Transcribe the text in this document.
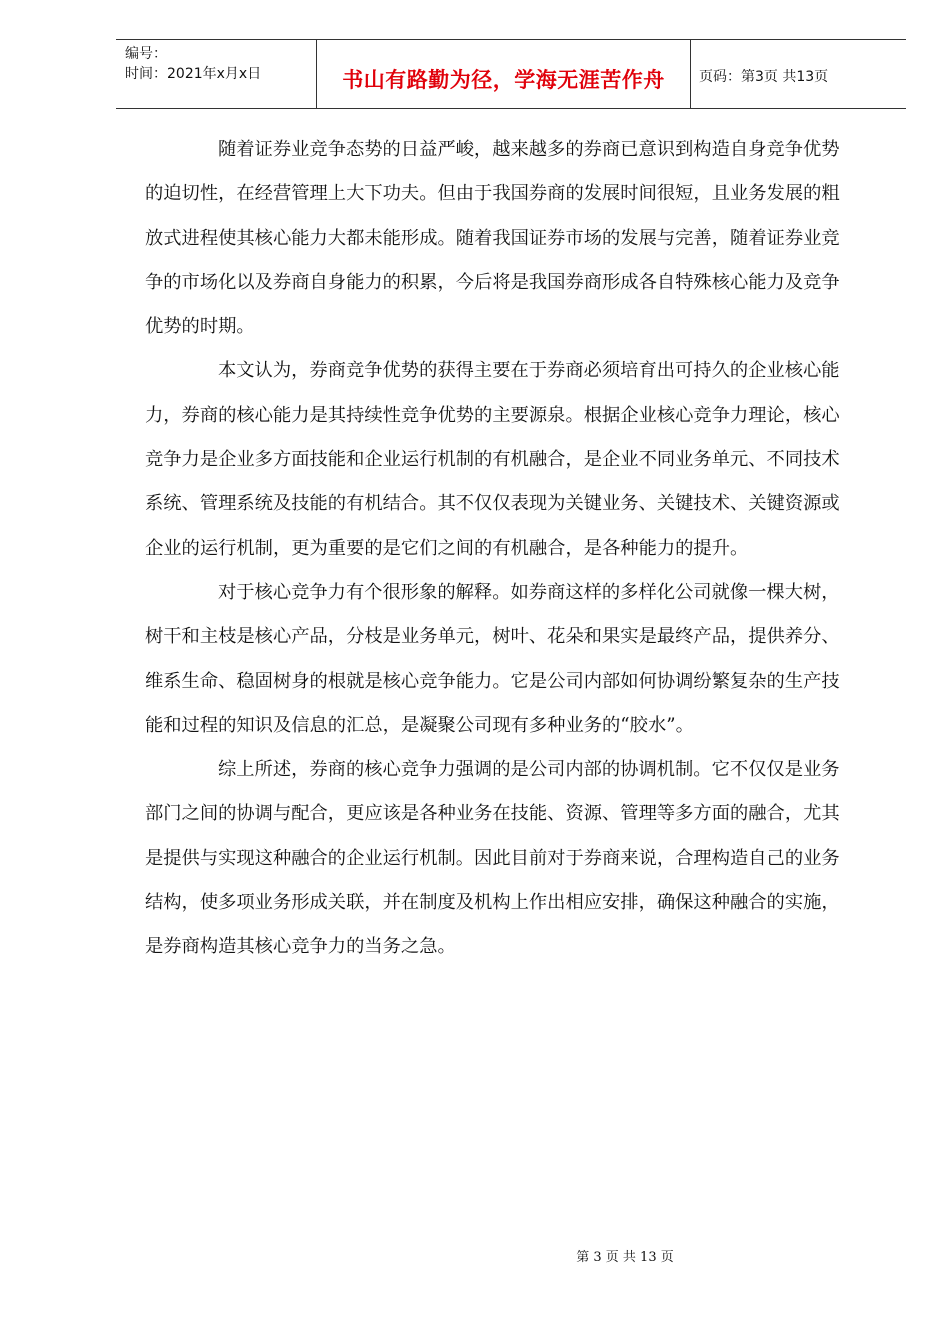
编号：
时间：2021年x月x日	书山有路勤为径，学海无涯苦作舟	页码：第3页 共13页

随着证券业竞争态势的日益严峻，越来越多的券商已意识到构造自身竞争优势

的迫切性，在经营管理上大下功夫。但由于我国券商的发展时间很短，且业务发展的粗

放式进程使其核心能力大都未能形成。随着我国证券市场的发展与完善，随着证券业竞

争的市场化以及券商自身能力的积累，今后将是我国券商形成各自特殊核心能力及竞争

优势的时期。

本文认为，券商竞争优势的获得主要在于券商必须培育出可持久的企业核心能

力，券商的核心能力是其持续性竞争优势的主要源泉。根据企业核心竞争力理论，核心

竞争力是企业多方面技能和企业运行机制的有机融合，是企业不同业务单元、不同技术

系统、管理系统及技能的有机结合。其不仅仅表现为关键业务、关键技术、关键资源或

企业的运行机制，更为重要的是它们之间的有机融合，是各种能力的提升。

对于核心竞争力有个很形象的解释。如券商这样的多样化公司就像一棵大树，

树干和主枝是核心产品，分枝是业务单元，树叶、花朵和果实是最终产品，提供养分、

维系生命、稳固树身的根就是核心竞争能力。它是公司内部如何协调纷繁复杂的生产技

能和过程的知识及信息的汇总，是凝聚公司现有多种业务的“胶水”。

综上所述，券商的核心竞争力强调的是公司内部的协调机制。它不仅仅是业务

部门之间的协调与配合，更应该是各种业务在技能、资源、管理等多方面的融合，尤其

是提供与实现这种融合的企业运行机制。因此目前对于券商来说，合理构造自己的业务

结构，使多项业务形成关联，并在制度及机构上作出相应安排，确保这种融合的实施，

是券商构造其核心竞争力的当务之急。

第 3 页 共 13 页
